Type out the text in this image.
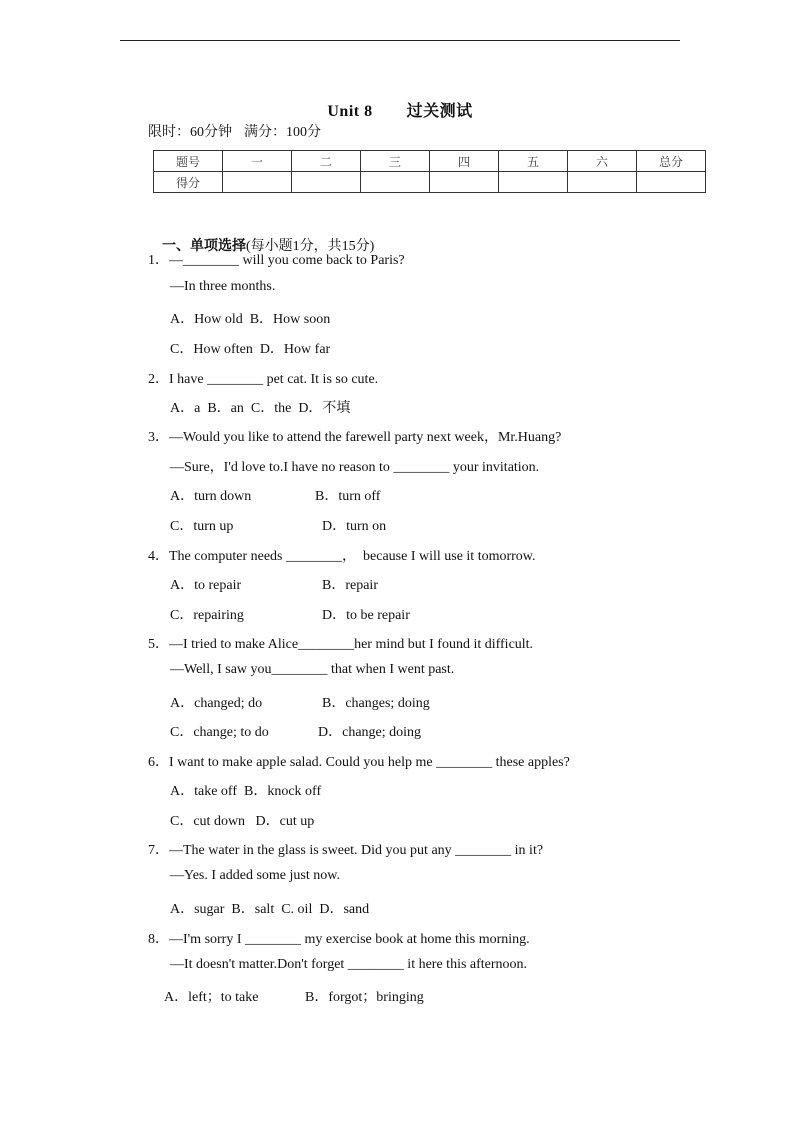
Unit 8 过关测试
限时：60分钟 满分：100分
题号	一	二	三	四	五	六	总分
得分							

一、单项选择(每小题1分，共15分)

1．—________ will you come back to Paris?
—In three months.
A．How old  B．How soon
C．How often  D．How far
2．I have ________ pet cat. It is so cute.
A．a  B．an  C．the  D．不填
3．—Would you like to attend the farewell party next week，Mr.Huang?
—Sure，I'd love to.I have no reason to ________ your invitation.
A．turn down	B．turn off
C．turn up	D．turn on
4．The computer needs ________，  because I will use it tomorrow.
A．to repair	B．repair
C．repairing	D．to be repair
5．—I tried to make Alice________her mind but I found it difficult.
—Well, I saw you________ that when I went past.
A．changed; do	B．changes; doing
C．change; to do	D．change; doing
6．I want to make apple salad. Could you help me ________ these apples?
A．take off  B．knock off
C．cut down   D．cut up
7．—The water in the glass is sweet. Did you put any ________ in it?
—Yes. I added some just now.
A．sugar  B．salt  C. oil  D．sand
8．—I'm sorry I ________ my exercise book at home this morning.
—It doesn't matter.Don't forget ________ it here this afternoon.
A．left；to take	B．forgot；bringing
